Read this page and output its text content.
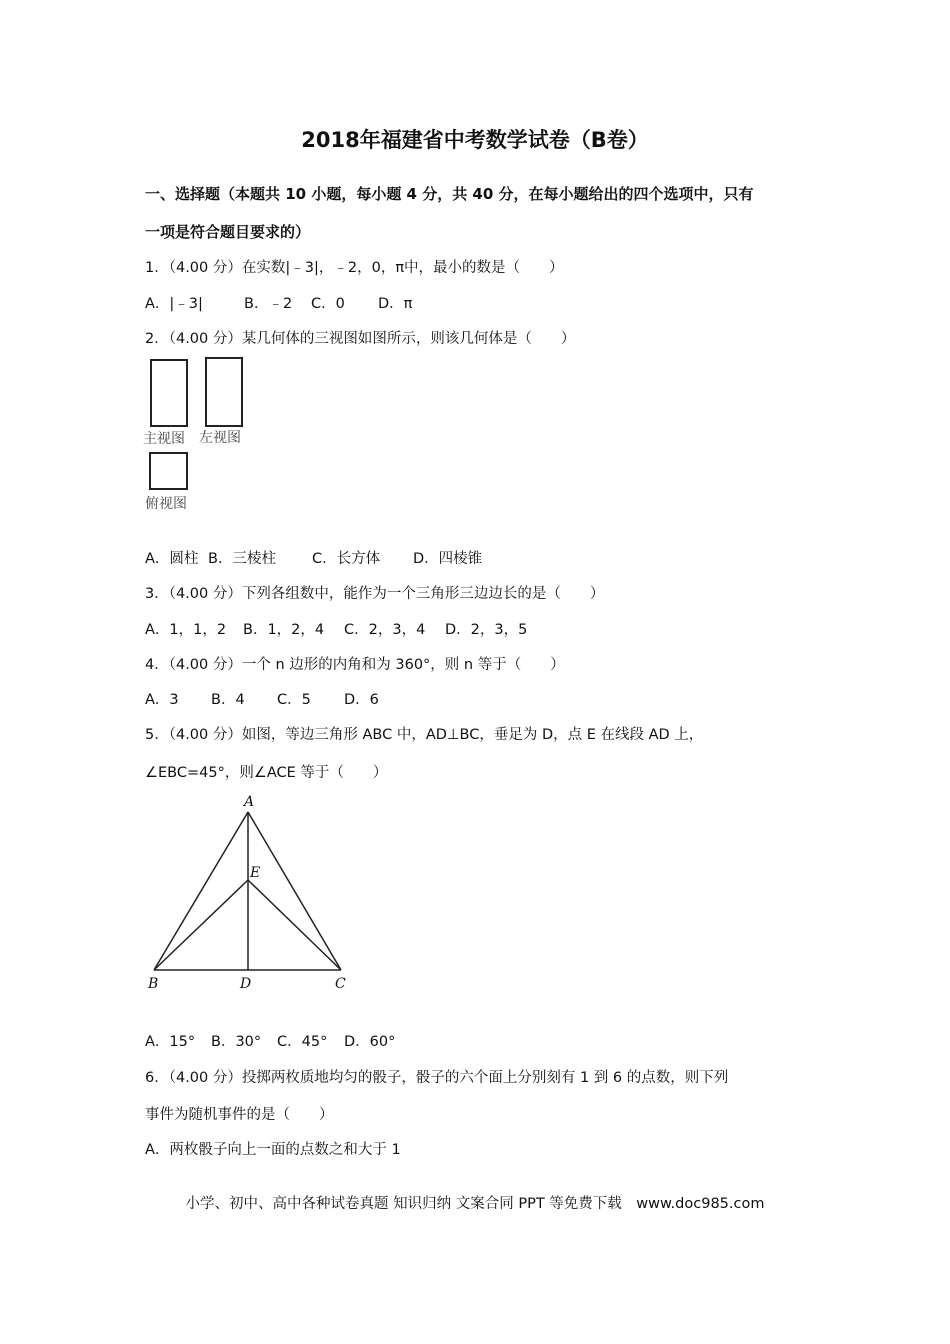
2018年福建省中考数学试卷（B卷）
一、选择题（本题共 10 小题，每小题 4 分，共 40 分，在每小题给出的四个选项中，只有
一项是符合题目要求的）
1．（4.00 分）在实数|﹣3|，﹣2，0，π中，最小的数是（　　）
A．|﹣3|	B．﹣2 C．0 D．π
2．（4.00 分）某几何体的三视图如图所示，则该几何体是（　　）
主视图 左视图
俯视图
A．圆柱 B．三棱柱 C．长方体 D．四棱锥
3．（4.00 分）下列各组数中，能作为一个三角形三边边长的是（　　）
A．1，1，2 B．1，2，4 C．2，3，4 D．2，3，5
4．（4.00 分）一个 n 边形的内角和为 360°，则 n 等于（　　）
A．3 B．4 C．5 D．6
5．（4.00 分）如图，等边三角形 ABC 中，AD⊥BC，垂足为 D，点 E 在线段 AD 上，
∠EBC=45°，则∠ACE 等于（　　）
A
E
B	D	C
A．15° B．30° C．45° D．60°
6．（4.00 分）投掷两枚质地均匀的骰子，骰子的六个面上分别刻有 1 到 6 的点数，则下列
事件为随机事件的是（　　）
A．两枚骰子向上一面的点数之和大于 1
小学、初中、高中各种试卷真题 知识归纳 文案合同 PPT 等免费下载　www.doc985.com
